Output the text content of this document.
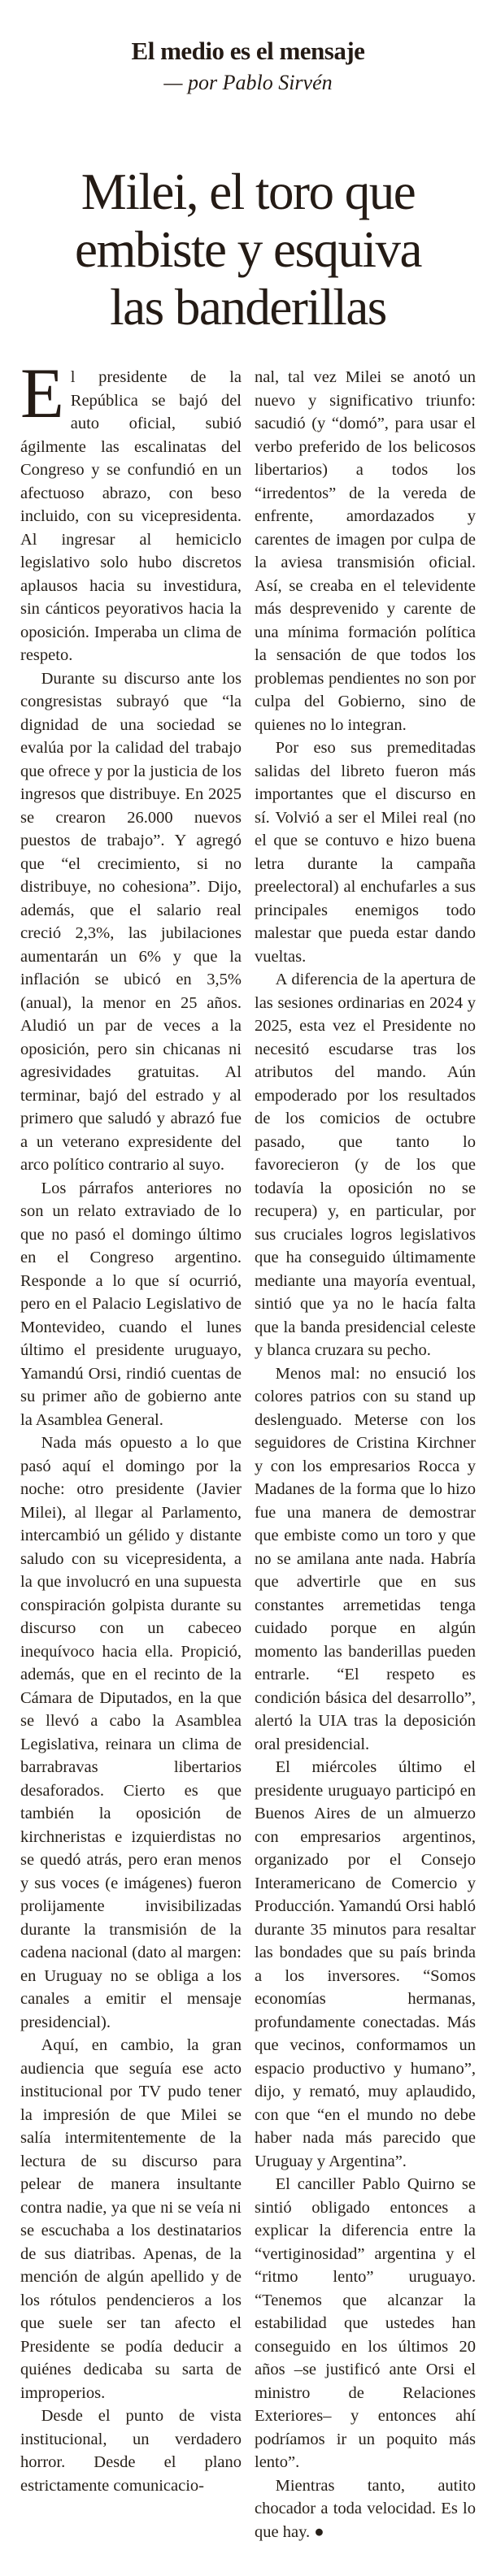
El medio es el mensaje
— por Pablo Sirvén
Milei, el toro que
embiste y esquiva
las banderillas

El presidente de la República se bajó del auto oficial, subió ágilmente las escalinatas del Congreso y se confundió en un afectuoso abrazo, con beso incluido, con su vicepresidenta. Al ingresar al hemiciclo legislativo solo hubo discretos aplausos hacia su investidura, sin cánticos peyorativos hacia la oposición. Imperaba un clima de respeto.

Durante su discurso ante los congresistas subrayó que “la dignidad de una sociedad se evalúa por la calidad del trabajo que ofrece y por la justicia de los ingresos que distribuye. En 2025 se crearon 26.000 nuevos puestos de trabajo”. Y agregó que “el crecimiento, si no distribuye, no cohesiona”. Dijo, además, que el salario real creció 2,3%, las jubilaciones aumentarán un 6% y que la inflación se ubicó en 3,5% (anual), la menor en 25 años. Aludió un par de veces a la oposición, pero sin chicanas ni agresividades gratuitas. Al terminar, bajó del estrado y al primero que saludó y abrazó fue a un veterano expresidente del arco político contrario al suyo.

Los párrafos anteriores no son un relato extraviado de lo que no pasó el domingo último en el Congreso argentino. Responde a lo que sí ocurrió, pero en el Palacio Legislativo de Montevideo, cuando el lunes último el presidente uruguayo, Yamandú Orsi, rindió cuentas de su primer año de gobierno ante la Asamblea General.

Nada más opuesto a lo que pasó aquí el domingo por la noche: otro presidente (Javier Milei), al llegar al Parlamento, intercambió un gélido y distante saludo con su vicepresidenta, a la que involucró en una supuesta conspiración golpista durante su discurso con un cabeceo inequívoco hacia ella. Propició, además, que en el recinto de la Cámara de Diputados, en la que se llevó a cabo la Asamblea Legislativa, reinara un clima de barrabravas libertarios desaforados. Cierto es que también la oposición de kirchneristas e izquierdistas no se quedó atrás, pero eran menos y sus voces (e imágenes) fueron prolijamente invisibilizadas durante la transmisión de la cadena nacional (dato al margen: en Uruguay no se obliga a los canales a emitir el mensaje presidencial).

Aquí, en cambio, la gran audiencia que seguía ese acto institucional por TV pudo tener la impresión de que Milei se salía intermitentemente de la lectura de su discurso para pelear de manera insultante contra nadie, ya que ni se veía ni se escuchaba a los destinatarios de sus diatribas. Apenas, de la mención de algún apellido y de los rótulos pendencieros a los que suele ser tan afecto el Presidente se podía deducir a quiénes dedicaba su sarta de improperios.

Desde el punto de vista institucional, un verdadero horror. Desde el plano estrictamente comunicacio-

nal, tal vez Milei se anotó un nuevo y significativo triunfo: sacudió (y “domó”, para usar el verbo preferido de los belicosos libertarios) a todos los “irredentos” de la vereda de enfrente, amordazados y carentes de imagen por culpa de la aviesa transmisión oficial. Así, se creaba en el televidente más desprevenido y carente de una mínima formación política la sensación de que todos los problemas pendientes no son por culpa del Gobierno, sino de quienes no lo integran.

Por eso sus premeditadas salidas del libreto fueron más importantes que el discurso en sí. Volvió a ser el Milei real (no el que se contuvo e hizo buena letra durante la campaña preelectoral) al enchufarles a sus principales enemigos todo malestar que pueda estar dando vueltas.

A diferencia de la apertura de las sesiones ordinarias en 2024 y 2025, esta vez el Presidente no necesitó escudarse tras los atributos del mando. Aún empoderado por los resultados de los comicios de octubre pasado, que tanto lo favorecieron (y de los que todavía la oposición no se recupera) y, en particular, por sus cruciales logros legislativos que ha conseguido últimamente mediante una mayoría eventual, sintió que ya no le hacía falta que la banda presidencial celeste y blanca cruzara su pecho.

Menos mal: no ensució los colores patrios con su stand up deslenguado. Meterse con los seguidores de Cristina Kirchner y con los empresarios Rocca y Madanes de la forma que lo hizo fue una manera de demostrar que embiste como un toro y que no se amilana ante nada. Habría que advertirle que en sus constantes arremetidas tenga cuidado porque en algún momento las banderillas pueden entrarle. “El respeto es condición básica del desarrollo”, alertó la UIA tras la deposición oral presidencial.

El miércoles último el presidente uruguayo participó en Buenos Aires de un almuerzo con empresarios argentinos, organizado por el Consejo Interamericano de Comercio y Producción. Yamandú Orsi habló durante 35 minutos para resaltar las bondades que su país brinda a los inversores. “Somos economías hermanas, profundamente conectadas. Más que vecinos, conformamos un espacio productivo y humano”, dijo, y remató, muy aplaudido, con que “en el mundo no debe haber nada más parecido que Uruguay y Argentina”.

El canciller Pablo Quirno se sintió obligado entonces a explicar la diferencia entre la “vertiginosidad” argentina y el “ritmo lento” uruguayo. “Tenemos que alcanzar la estabilidad que ustedes han conseguido en los últimos 20 años –se justificó ante Orsi el ministro de Relaciones Exteriores– y entonces ahí podríamos ir un poquito más lento”.

Mientras tanto, autito chocador a toda velocidad. Es lo que hay. ●
